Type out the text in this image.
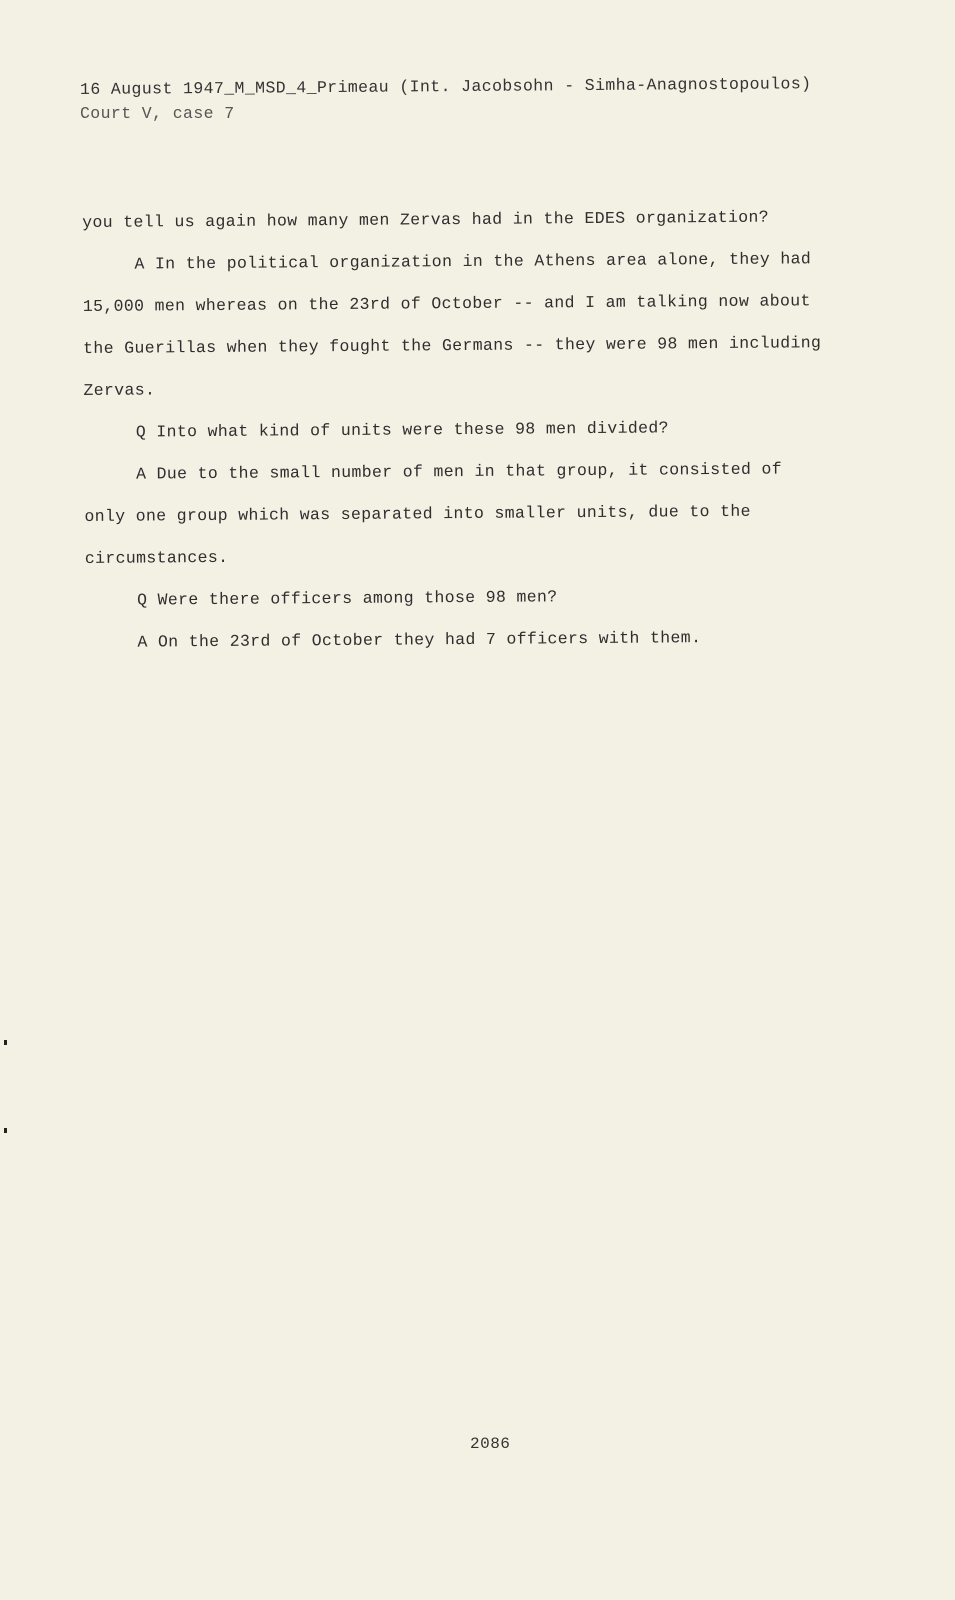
16 August 1947_M_MSD_4_Primeau (Int. Jacobsohn - Simha-Anagnostopoulos)
Court V, case 7
you tell us again how many men Zervas had in the EDES organization?
A In the political organization in the Athens area alone, they had 15,000 men whereas on the 23rd of October -- and I am talking now about the Guerillas when they fought the Germans -- they were 98 men including Zervas.
Q Into what kind of units were these 98 men divided?
A Due to the small number of men in that group, it consisted of only one group which was separated into smaller units, due to the circumstances.
Q Were there officers among those 98 men?
A On the 23rd of October they had 7 officers with them.
2086
